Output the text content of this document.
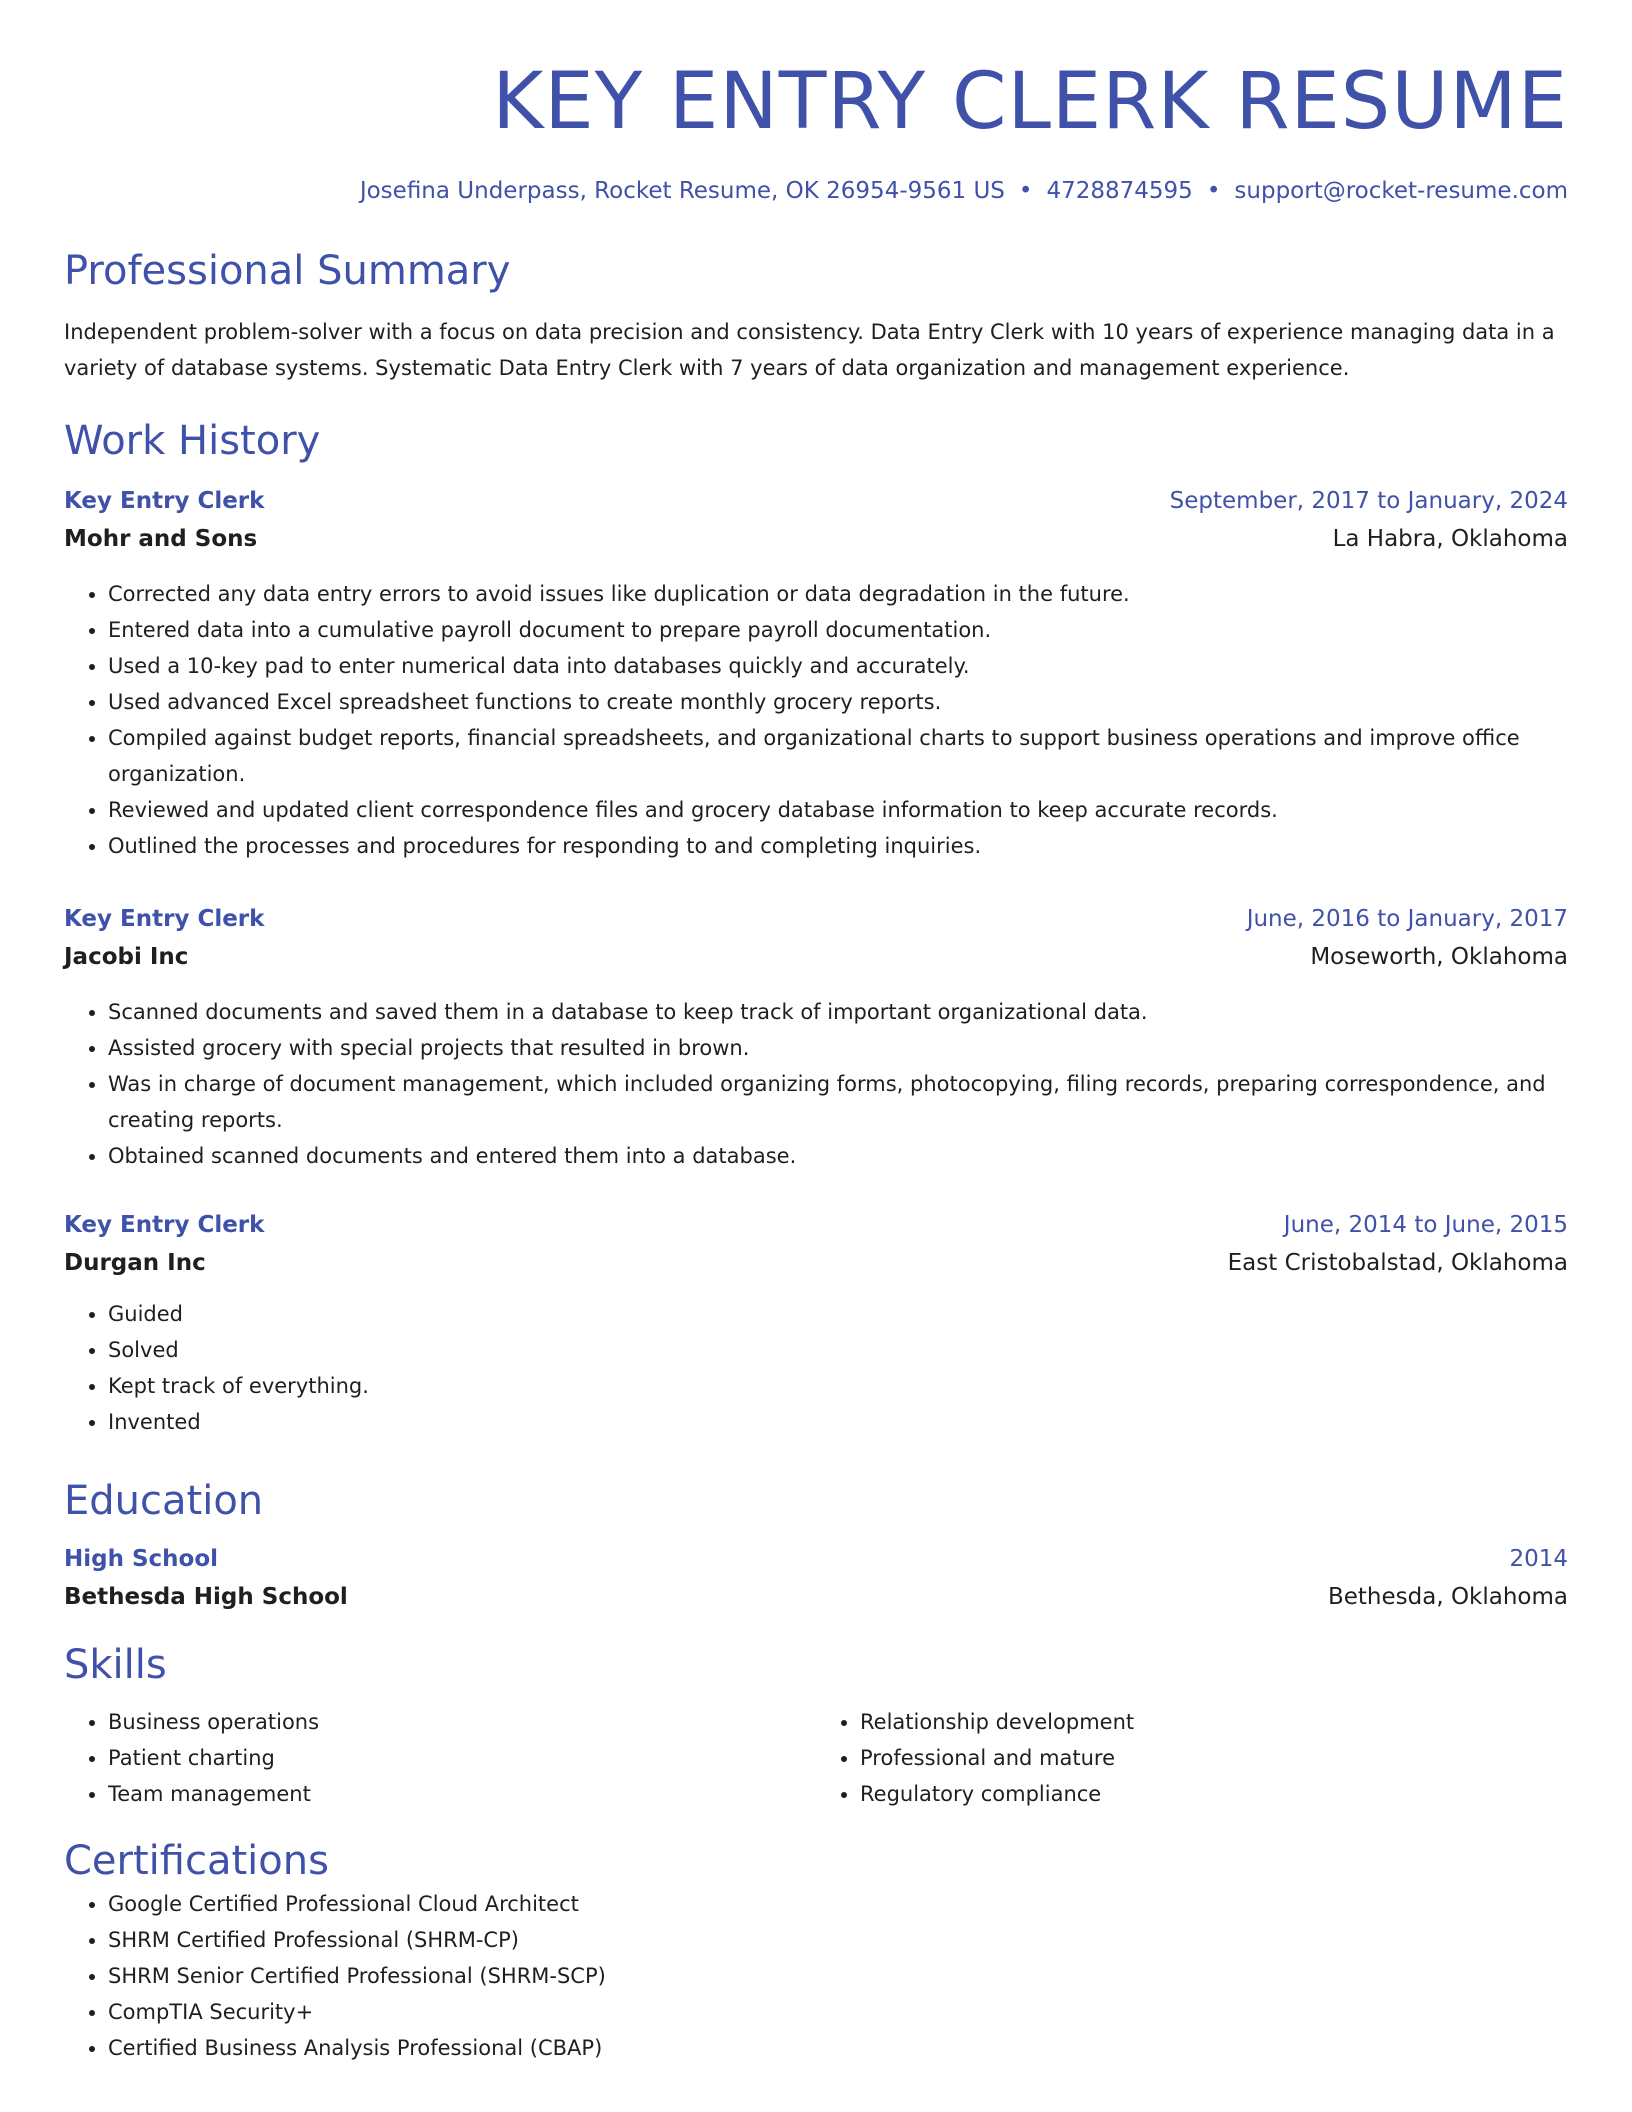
KEY ENTRY CLERK RESUME
Josefina Underpass, Rocket Resume, OK 26954-9561 US • 4728874595 • support@rocket-resume.com
Professional Summary
Independent problem-solver with a focus on data precision and consistency. Data Entry Clerk with 10 years of experience managing data in a variety of database systems. Systematic Data Entry Clerk with 7 years of data organization and management experience.
Work History
Key Entry Clerk	September, 2017 to January, 2024
Mohr and Sons	La Habra, Oklahoma
• Corrected any data entry errors to avoid issues like duplication or data degradation in the future.
• Entered data into a cumulative payroll document to prepare payroll documentation.
• Used a 10-key pad to enter numerical data into databases quickly and accurately.
• Used advanced Excel spreadsheet functions to create monthly grocery reports.
• Compiled against budget reports, financial spreadsheets, and organizational charts to support business operations and improve office organization.
• Reviewed and updated client correspondence files and grocery database information to keep accurate records.
• Outlined the processes and procedures for responding to and completing inquiries.
Key Entry Clerk	June, 2016 to January, 2017
Jacobi Inc	Moseworth, Oklahoma
• Scanned documents and saved them in a database to keep track of important organizational data.
• Assisted grocery with special projects that resulted in brown.
• Was in charge of document management, which included organizing forms, photocopying, filing records, preparing correspondence, and creating reports.
• Obtained scanned documents and entered them into a database.
Key Entry Clerk	June, 2014 to June, 2015
Durgan Inc	East Cristobalstad, Oklahoma
• Guided
• Solved
• Kept track of everything.
• Invented
Education
High School	2014
Bethesda High School	Bethesda, Oklahoma
Skills
• Business operations
• Patient charting
• Team management
• Relationship development
• Professional and mature
• Regulatory compliance
Certifications
• Google Certified Professional Cloud Architect
• SHRM Certified Professional (SHRM-CP)
• SHRM Senior Certified Professional (SHRM-SCP)
• CompTIA Security+
• Certified Business Analysis Professional (CBAP)
